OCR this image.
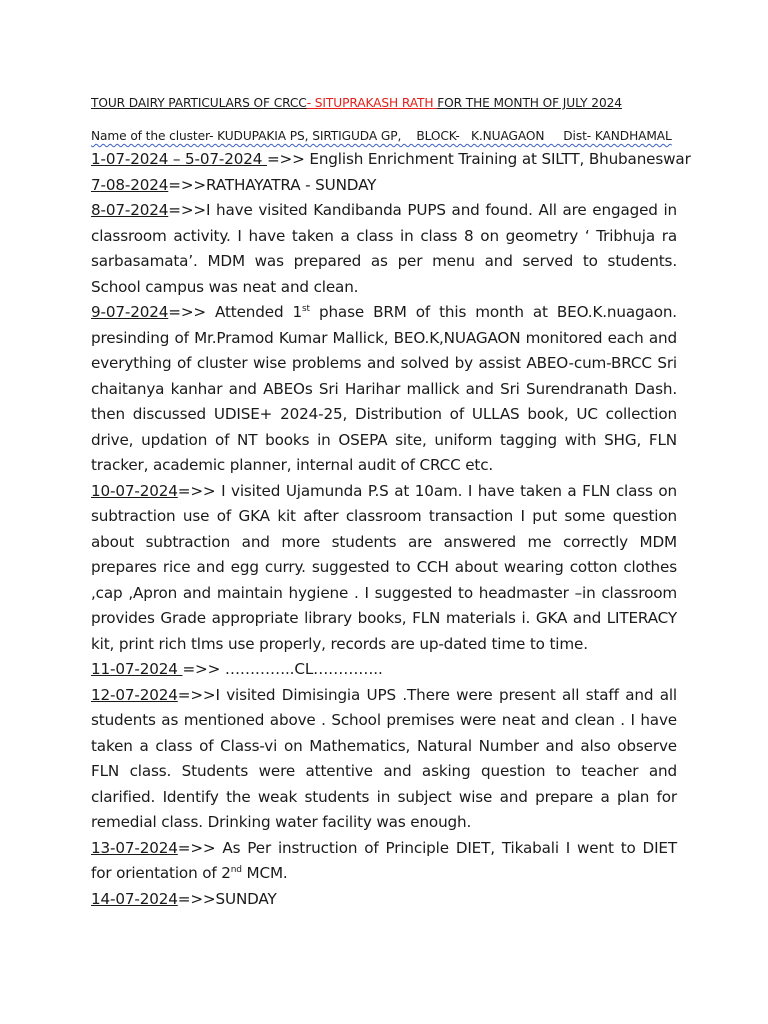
TOUR DAIRY PARTICULARS OF CRCC- SITUPRAKASH RATH FOR THE MONTH OF JULY 2024
Name of the cluster- KUDUPAKIA PS, SIRTIGUDA GP,    BLOCK-   K.NUAGAON     Dist- KANDHAMAL

1-07-2024 – 5-07-2024 =>> English Enrichment Training at SILTT, Bhubaneswar

7-08-2024=>>RATHAYATRA - SUNDAY

8-07-2024=>>I have visited Kandibanda PUPS and found. All are engaged in classroom activity. I have taken a class in class 8 on geometry ‘ Tribhuja ra sarbasamata’. MDM was prepared as per menu and served to students. School campus was neat and clean.

9-07-2024=>> Attended 1st phase BRM of this month at BEO.K.nuagaon. presinding of Mr.Pramod Kumar Mallick, BEO.K,NUAGAON monitored each and everything of cluster wise problems and solved by assist ABEO-cum-BRCC Sri chaitanya kanhar and ABEOs Sri Harihar mallick and Sri Surendranath Dash. then discussed UDISE+ 2024-25, Distribution of ULLAS book, UC collection drive, updation of NT books in OSEPA site, uniform tagging with SHG, FLN tracker, academic planner, internal audit of CRCC etc.

10-07-2024=>> I visited Ujamunda P.S at 10am. I have taken a FLN class on subtraction use of GKA kit after classroom transaction I put some question about subtraction and more students are answered me correctly MDM prepares rice and egg curry. suggested to CCH about wearing cotton clothes ,cap ,Apron and maintain hygiene . I suggested to headmaster –in classroom provides Grade appropriate library books, FLN materials i. GKA and LITERACY kit, print rich tlms use properly, records are up-dated time to time.

11-07-2024 =>> …………..CL…………..

12-07-2024=>>I visited Dimisingia UPS .There were present all staff and all students as mentioned above . School premises were neat and clean . I have taken a class of Class-vi on Mathematics, Natural Number and also observe FLN class. Students were attentive and asking question to teacher and clarified. Identify the weak students in subject wise and prepare a plan for remedial class. Drinking water facility was enough.

13-07-2024=>> As Per instruction of Principle DIET, Tikabali I went to DIET for orientation of 2nd MCM.

14-07-2024=>>SUNDAY
